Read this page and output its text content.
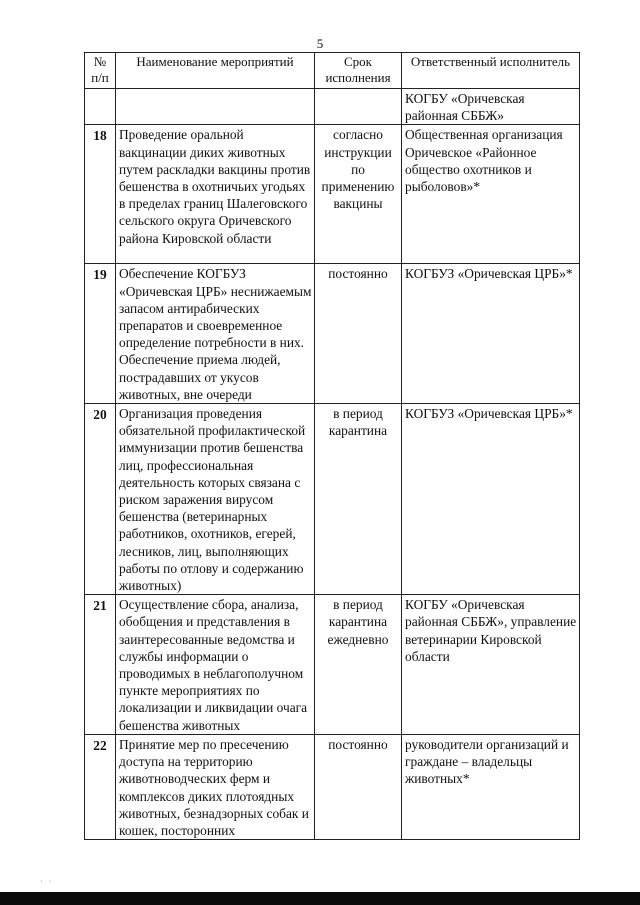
5
№ п/п	Наименование мероприятий	Срок исполнения	Ответственный исполнитель
			КОГБУ «Оричевская районная СББЖ»
18	Проведение оральной вакцинации диких животных путем раскладки вакцины против бешенства в охотничьих угодьях в пределах границ Шалеговского сельского округа Оричевского района Кировской области	согласно инструкции по применению вакцины	Общественная организация Оричевское «Районное общество охотников и рыболовов»*
19	Обеспечение КОГБУЗ «Оричевская ЦРБ» неснижаемым запасом антирабических препаратов и своевременное определение потребности в них. Обеспечение приема людей, пострадавших от укусов животных, вне очереди	постоянно	КОГБУЗ «Оричевская ЦРБ»*
20	Организация проведения обязательной профилактической иммунизации против бешенства лиц, профессиональная деятельность которых связана с риском заражения вирусом бешенства (ветеринарных работников, охотников, егерей, лесников, лиц, выполняющих работы по отлову и содержанию животных)	в период карантина	КОГБУЗ «Оричевская ЦРБ»*
21	Осуществление сбора, анализа, обобщения и представления в заинтересованные ведомства и службы информации о проводимых в неблагополучном пункте мероприятиях по локализации и ликвидации очага бешенства животных	в период карантина ежедневно	КОГБУ «Оричевская районная СББЖ», управление ветеринарии Кировской области
22	Принятие мер по пресечению доступа на территорию животноводческих ферм и комплексов диких плотоядных животных, безнадзорных собак и кошек, посторонних	постоянно	руководители организаций и граждане – владельцы животных*
· ·
